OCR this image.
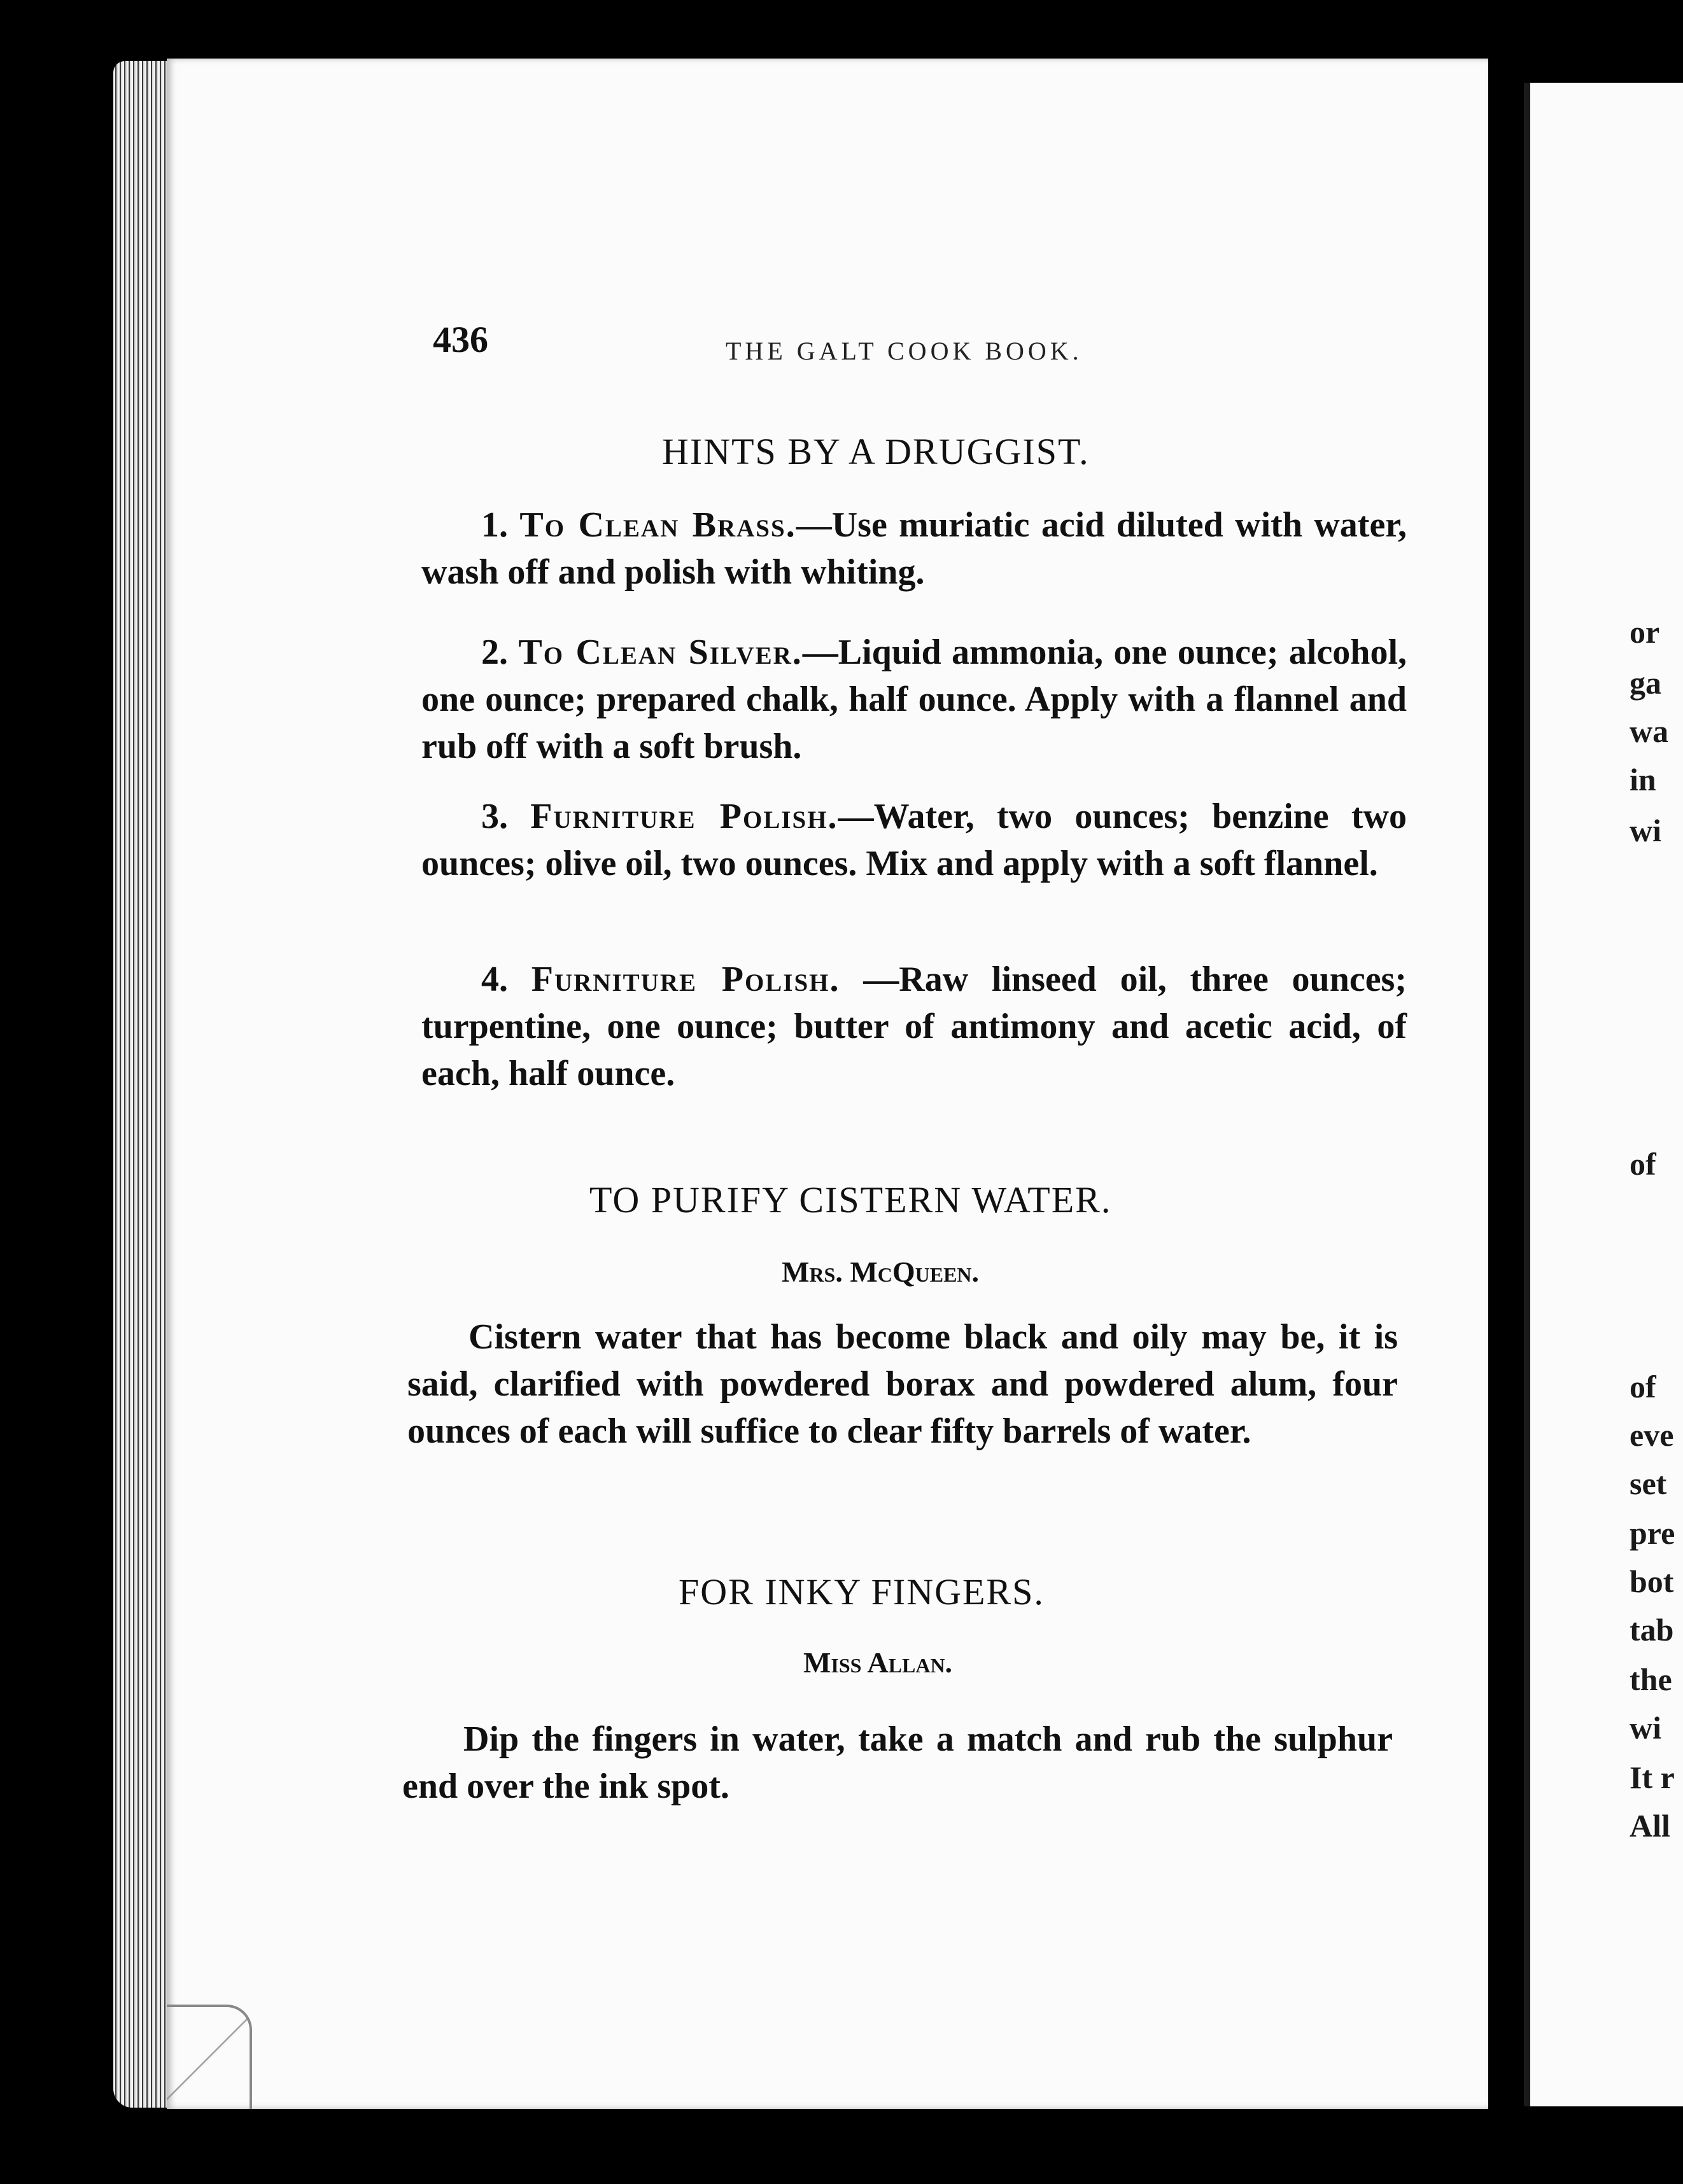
or
ga
wa
in
wi
of
of
eve
set
pre
bot
tab
the
wi
It r
All
436	THE GALT COOK BOOK.
HINTS BY A DRUGGIST.
1. To Clean Brass.—Use muriatic acid diluted with water, wash off and polish with whiting.
2. To Clean Silver.—Liquid ammonia, one ounce; alcohol, one ounce; prepared chalk, half ounce. Apply with a flannel and rub off with a soft brush.
3. Furniture Polish.—Water, two ounces; benzine two ounces; olive oil, two ounces. Mix and apply with a soft flannel.
4. Furniture Polish. —Raw linseed oil, three ounces; turpentine, one ounce; butter of antimony and acetic acid, of each, half ounce.
TO PURIFY CISTERN WATER.
Mrs. McQueen.
Cistern water that has become black and oily may be, it is said, clarified with powdered borax and powdered alum, four ounces of each will suffice to clear fifty barrels of water.
FOR INKY FINGERS.
Miss Allan.
Dip the fingers in water, take a match and rub the sulphur end over the ink spot.
